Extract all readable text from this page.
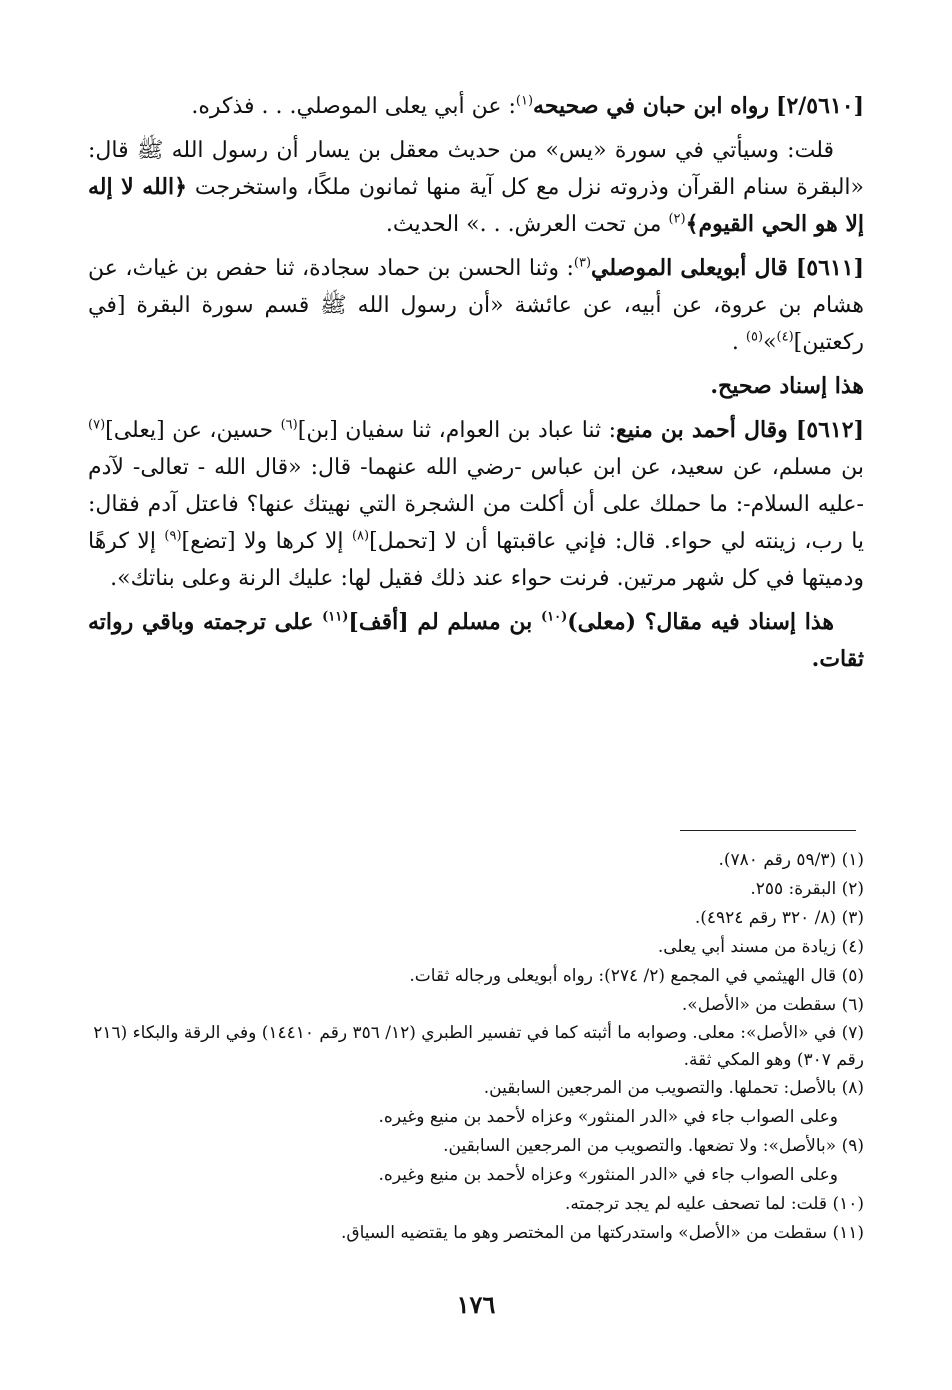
[٢/٥٦١٠] رواه ابن حبان في صحيحه$^{(١)}$: عن أبي يعلى الموصلي. . . فذكره.

قلت: وسيأتي في سورة «يس» من حديث معقل بن يسار أن رسول الله ﷺ قال: «البقرة سنام القرآن وذروته نزل مع كل آية منها ثمانون ملكًا، واستخرجت ﴿الله لا إله إلا هو الحي القيوم﴾$^{(٢)}$ من تحت العرش. . .» الحديث.

[٥٦١١] قال أبويعلى الموصلي$^{(٣)}$: وثنا الحسن بن حماد سجادة، ثنا حفص بن غياث، عن هشام بن عروة، عن أبيه، عن عائشة «أن رسول الله ﷺ قسم سورة البقرة [في ركعتين]$^{(٤)}$»$^{(٥)}$ .

هذا إسناد صحيح.

[٥٦١٢] وقال أحمد بن منيع: ثنا عباد بن العوام، ثنا سفيان [بن]$^{(٦)}$ حسين، عن [يعلى]$^{(٧)}$ بن مسلم، عن سعيد، عن ابن عباس -رضي الله عنهما- قال: «قال الله - تعالى- لآدم -عليه السلام-: ما حملك على أن أكلت من الشجرة التي نهيتك عنها؟ فاعتل آدم فقال: يا رب، زينته لي حواء. قال: فإني عاقبتها أن لا [تحمل]$^{(٨)}$ إلا كرها ولا [تضع]$^{(٩)}$ إلا كرهًا ودميتها في كل شهر مرتين. فرنت حواء عند ذلك فقيل لها: عليك الرنة وعلى بناتك».

هذا إسناد فيه مقال؟ (معلى)$^{(١٠)}$ بن مسلم لم [أقف]$^{(١١)}$ على ترجمته وباقي رواته ثقات.

(١) (٥٩/٣ رقم ٧٨٠).
(٢) البقرة: ٢٥٥.
(٣) (٨/ ٣٢٠ رقم ٤٩٢٤).
(٤) زيادة من مسند أبي يعلى.
(٥) قال الهيثمي في المجمع (٢/ ٢٧٤): رواه أبويعلى ورجاله ثقات.
(٦) سقطت من «الأصل».
(٧) في «الأصل»: معلى. وصوابه ما أثبته كما في تفسير الطبري (١٢/ ٣٥٦ رقم ١٤٤١٠) وفي الرقة والبكاء (٢١٦ رقم ٣٠٧) وهو المكي ثقة.
(٨) بالأصل: تحملها. والتصويب من المرجعين السابقين.
وعلى الصواب جاء في «الدر المنثور» وعزاه لأحمد بن منيع وغيره.
(٩) «بالأصل»: ولا تضعها. والتصويب من المرجعين السابقين.
وعلى الصواب جاء في «الدر المنثور» وعزاه لأحمد بن منيع وغيره.
(١٠) قلت: لما تصحف عليه لم يجد ترجمته.
(١١) سقطت من «الأصل» واستدركتها من المختصر وهو ما يقتضيه السياق.
١٧٦
